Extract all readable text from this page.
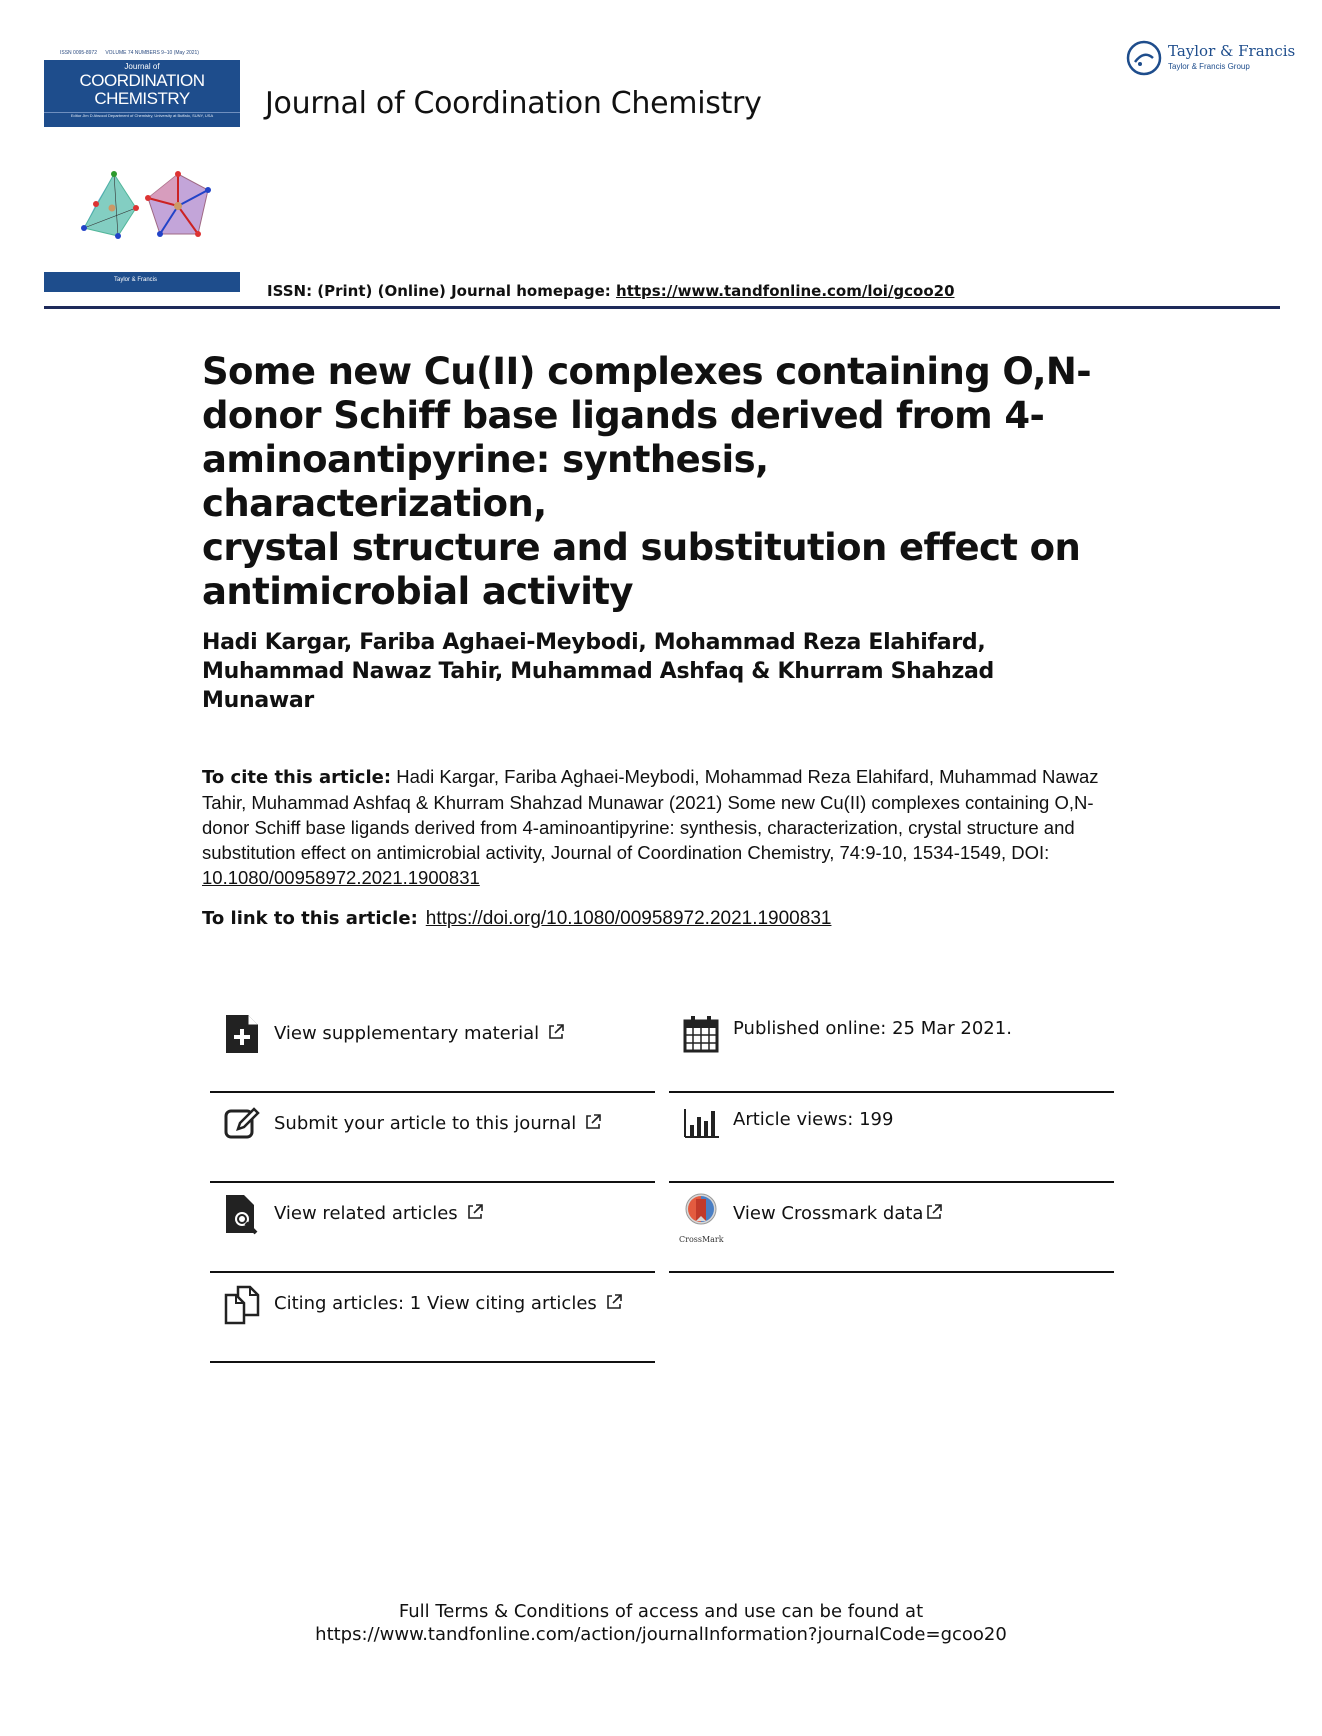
ISSN 0095-8972 VOLUME 74 NUMBERS 9–10 (May 2021)
Journal of
COORDINATION
CHEMISTRY
Editor Jim D Atwood Department of Chemistry, University at Buffalo, SUNY, USA
Taylor & Francis
Journal of Coordination Chemistry
Taylor & Francis
Taylor & Francis Group
ISSN: (Print) (Online) Journal homepage: https://www.tandfonline.com/loi/gcoo20
Some new Cu(II) complexes containing O,N-
donor Schiff base ligands derived from 4-
aminoantipyrine: synthesis, characterization,
crystal structure and substitution effect on
antimicrobial activity
Hadi Kargar, Fariba Aghaei-Meybodi, Mohammad Reza Elahifard,
Muhammad Nawaz Tahir, Muhammad Ashfaq & Khurram Shahzad
Munawar
To cite this article: Hadi Kargar, Fariba Aghaei-Meybodi, Mohammad Reza Elahifard, Muhammad Nawaz Tahir, Muhammad Ashfaq & Khurram Shahzad Munawar (2021) Some new Cu(II) complexes containing O,N-donor Schiff base ligands derived from 4-aminoantipyrine: synthesis, characterization, crystal structure and substitution effect on antimicrobial activity, Journal of Coordination Chemistry, 74:9-10, 1534-1549, DOI: 10.1080/00958972.2021.1900831
To link to this article: https://doi.org/10.1080/00958972.2021.1900831
View supplementary material	Published online: 25 Mar 2021.
Submit your article to this journal	Article views: 199
View related articles
CrossMark
View Crossmark data
Citing articles: 1 View citing articles
Full Terms & Conditions of access and use can be found at
https://www.tandfonline.com/action/journalInformation?journalCode=gcoo20
